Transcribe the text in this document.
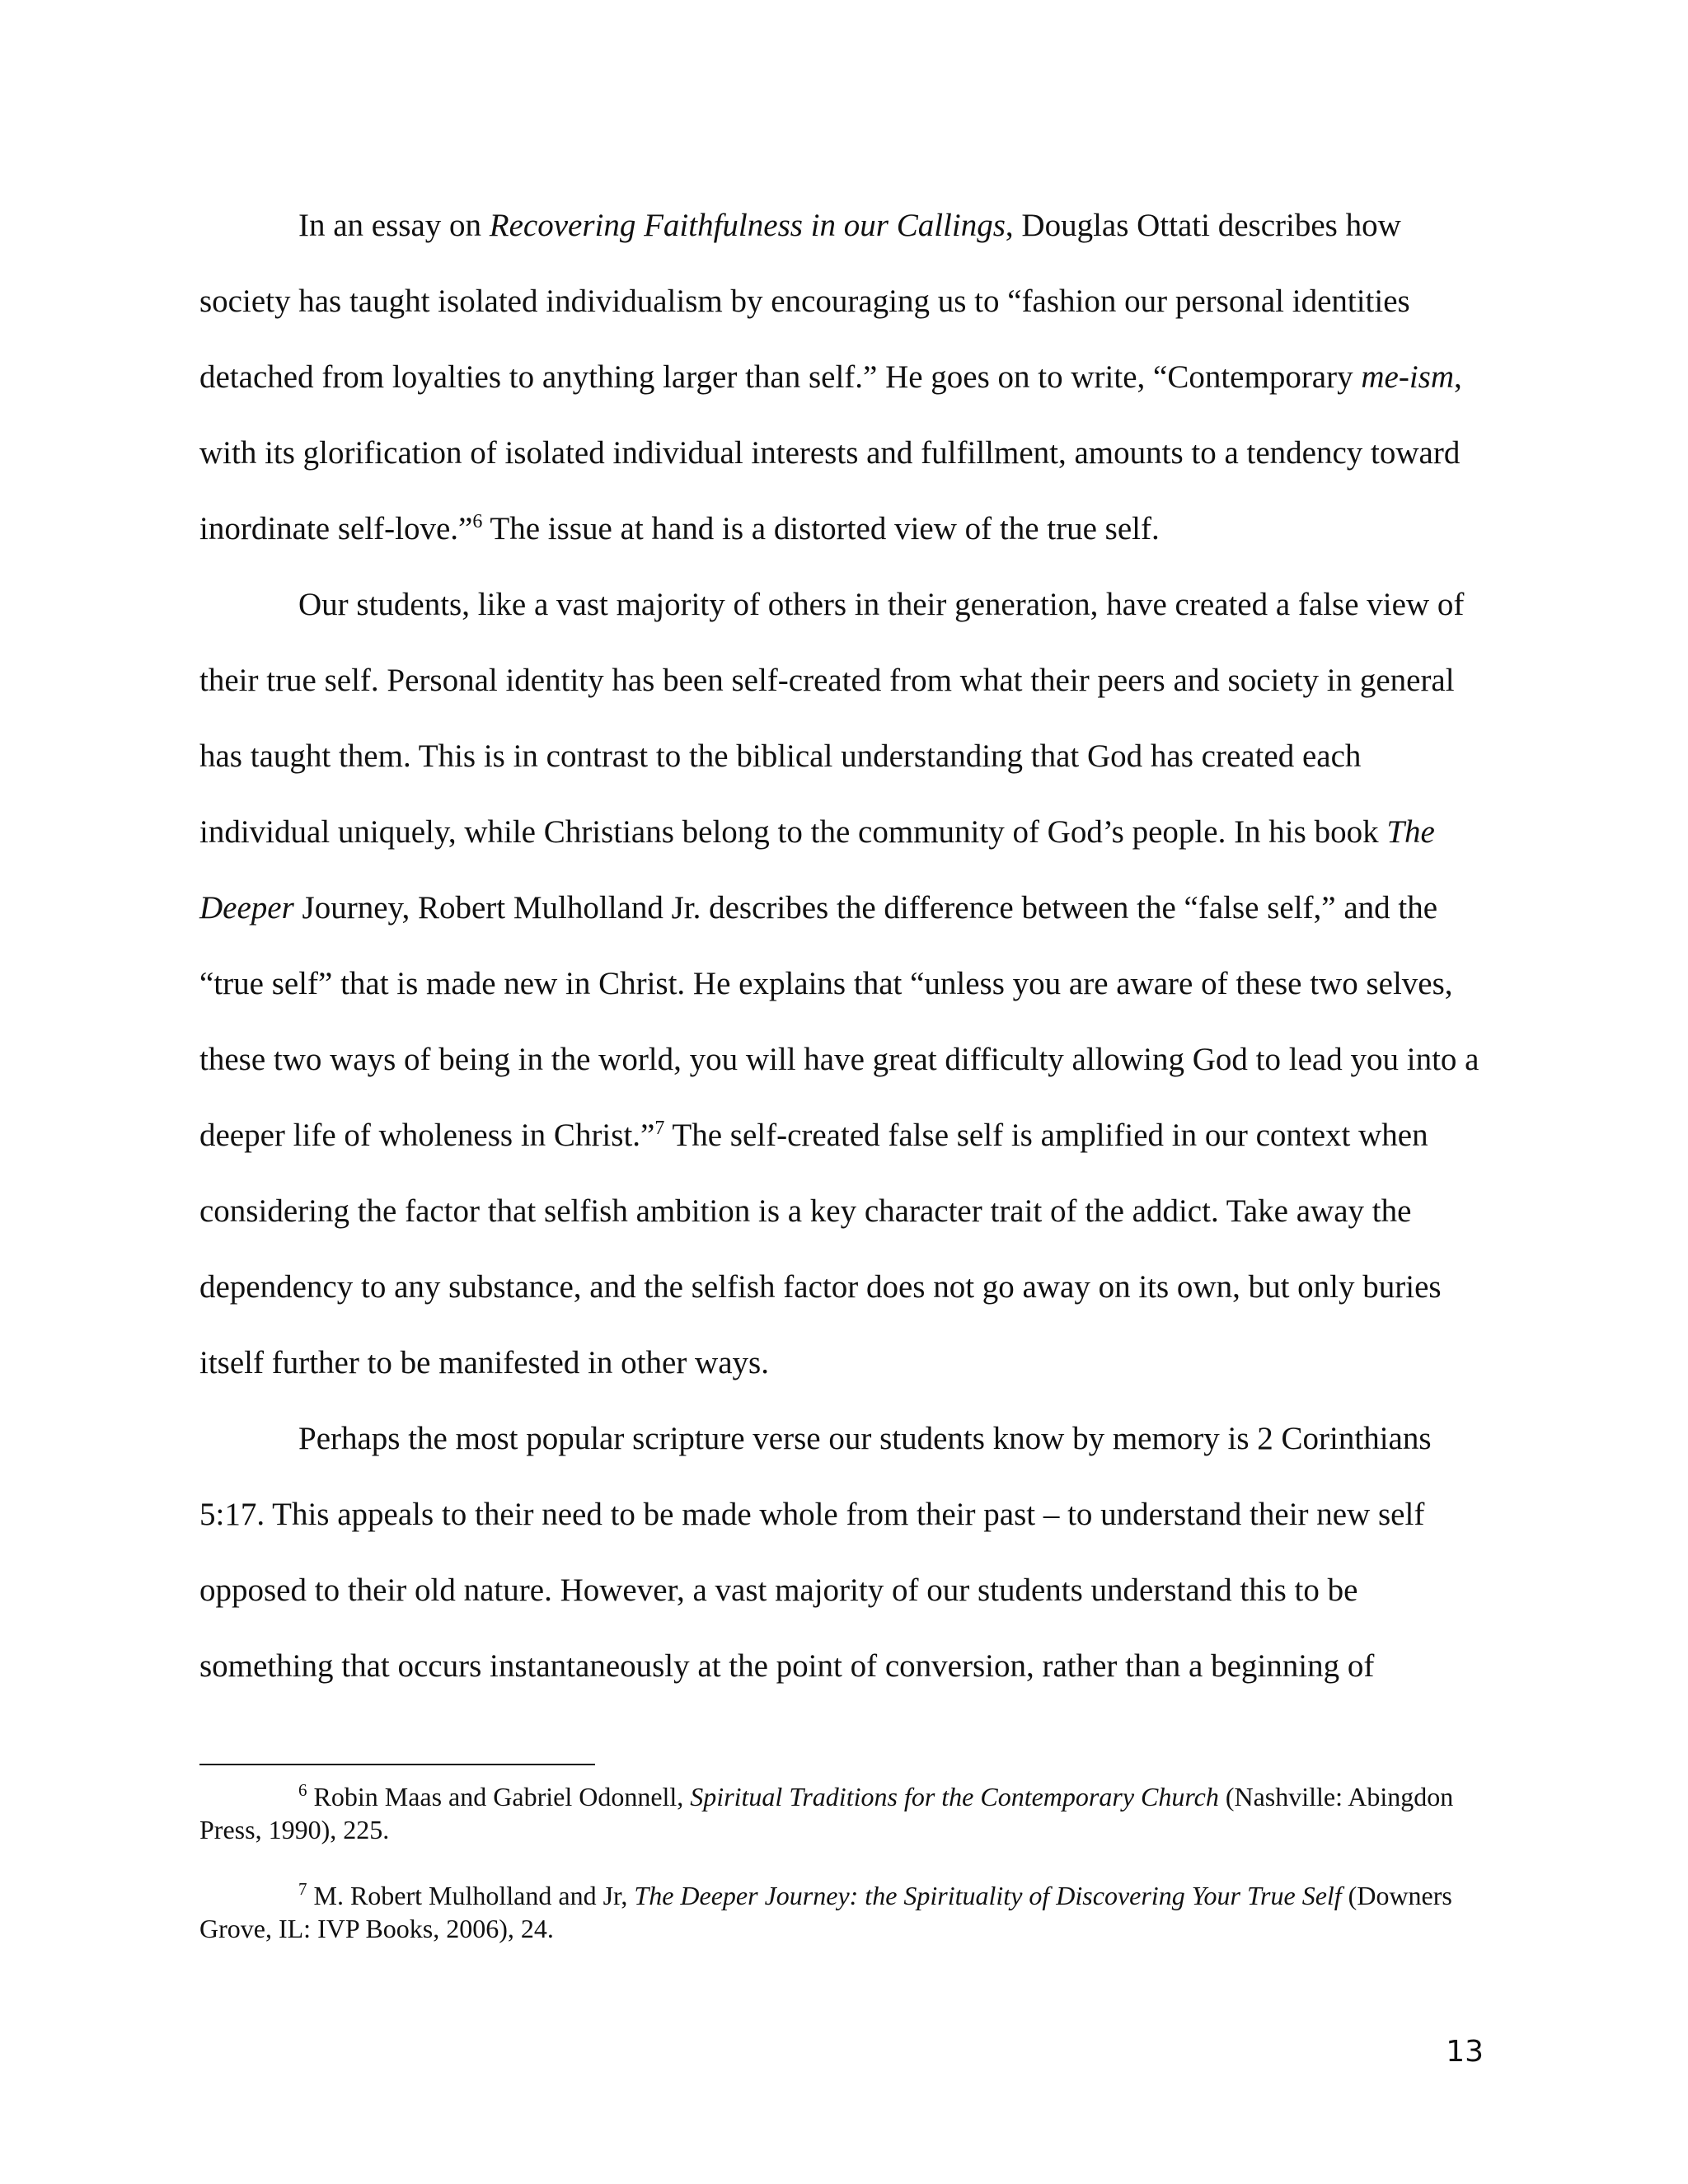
In an essay on Recovering Faithfulness in our Callings, Douglas Ottati describes how society has taught isolated individualism by encouraging us to “fashion our personal identities detached from loyalties to anything larger than self.” He goes on to write, “Contemporary me-ism, with its glorification of isolated individual interests and fulfillment, amounts to a tendency toward inordinate self-love.”$^6$ The issue at hand is a distorted view of the true self.

Our students, like a vast majority of others in their generation, have created a false view of their true self. Personal identity has been self-created from what their peers and society in general has taught them. This is in contrast to the biblical understanding that God has created each individual uniquely, while Christians belong to the community of God’s people. In his book The Deeper Journey, Robert Mulholland Jr. describes the difference between the “false self,” and the “true self” that is made new in Christ. He explains that “unless you are aware of these two selves, these two ways of being in the world, you will have great difficulty allowing God to lead you into a deeper life of wholeness in Christ.”$^7$ The self-created false self is amplified in our context when considering the factor that selfish ambition is a key character trait of the addict. Take away the dependency to any substance, and the selfish factor does not go away on its own, but only buries itself further to be manifested in other ways.

Perhaps the most popular scripture verse our students know by memory is 2 Corinthians 5:17. This appeals to their need to be made whole from their past – to understand their new self opposed to their old nature. However, a vast majority of our students understand this to be something that occurs instantaneously at the point of conversion, rather than a beginning of

$^6$ Robin Maas and Gabriel Odonnell, Spiritual Traditions for the Contemporary Church (Nashville: Abingdon Press, 1990), 225.

$^7$ M. Robert Mulholland and Jr, The Deeper Journey: the Spirituality of Discovering Your True Self (Downers Grove, IL: IVP Books, 2006), 24.

13
